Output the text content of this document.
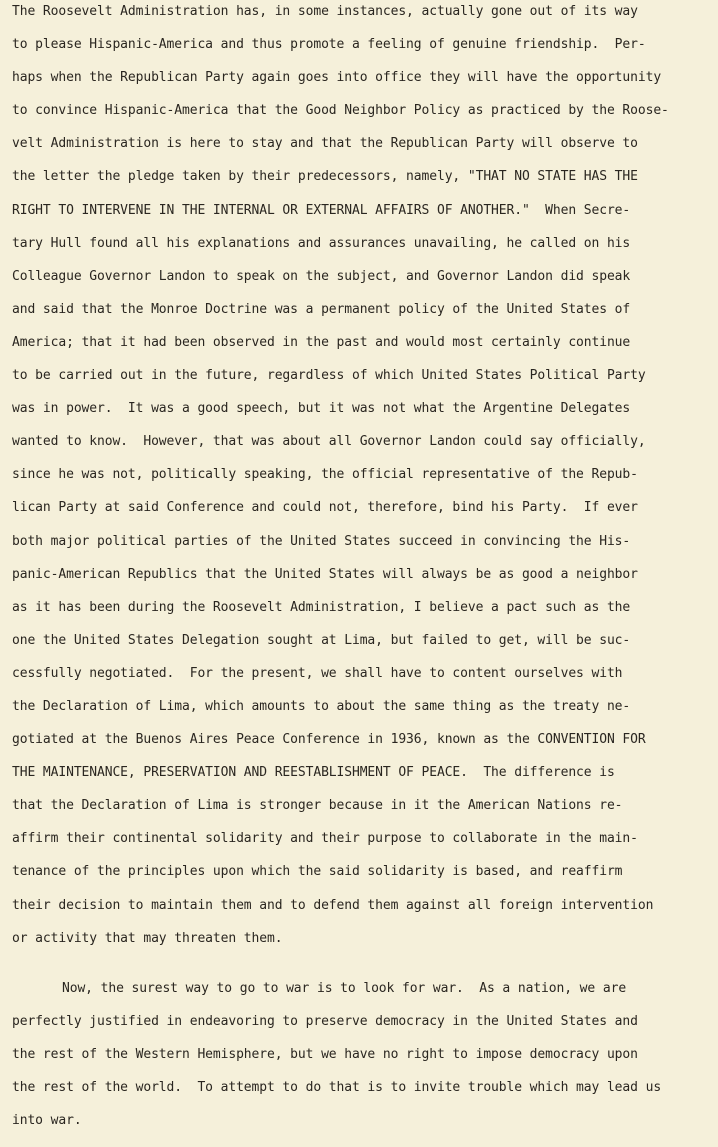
The Roosevelt Administration has, in some instances, actually gone out of its way
to please Hispanic-America and thus promote a feeling of genuine friendship.  Per-
haps when the Republican Party again goes into office they will have the opportunity
to convince Hispanic-America that the Good Neighbor Policy as practiced by the Roose-
velt Administration is here to stay and that the Republican Party will observe to
the letter the pledge taken by their predecessors, namely, "THAT NO STATE HAS THE
RIGHT TO INTERVENE IN THE INTERNAL OR EXTERNAL AFFAIRS OF ANOTHER."  When Secre-
tary Hull found all his explanations and assurances unavailing, he called on his
Colleague Governor Landon to speak on the subject, and Governor Landon did speak
and said that the Monroe Doctrine was a permanent policy of the United States of
America; that it had been observed in the past and would most certainly continue
to be carried out in the future, regardless of which United States Political Party
was in power.  It was a good speech, but it was not what the Argentine Delegates
wanted to know.  However, that was about all Governor Landon could say officially,
since he was not, politically speaking, the official representative of the Repub-
lican Party at said Conference and could not, therefore, bind his Party.  If ever
both major political parties of the United States succeed in convincing the His-
panic-American Republics that the United States will always be as good a neighbor
as it has been during the Roosevelt Administration, I believe a pact such as the
one the United States Delegation sought at Lima, but failed to get, will be suc-
cessfully negotiated.  For the present, we shall have to content ourselves with
the Declaration of Lima, which amounts to about the same thing as the treaty ne-
gotiated at the Buenos Aires Peace Conference in 1936, known as the CONVENTION FOR
THE MAINTENANCE, PRESERVATION AND REESTABLISHMENT OF PEACE.  The difference is
that the Declaration of Lima is stronger because in it the American Nations re-
affirm their continental solidarity and their purpose to collaborate in the main-
tenance of the principles upon which the said solidarity is based, and reaffirm
their decision to maintain them and to defend them against all foreign intervention
or activity that may threaten them.
Now, the surest way to go to war is to look for war.  As a nation, we are
perfectly justified in endeavoring to preserve democracy in the United States and
the rest of the Western Hemisphere, but we have no right to impose democracy upon
the rest of the world.  To attempt to do that is to invite trouble which may lead us
into war.
